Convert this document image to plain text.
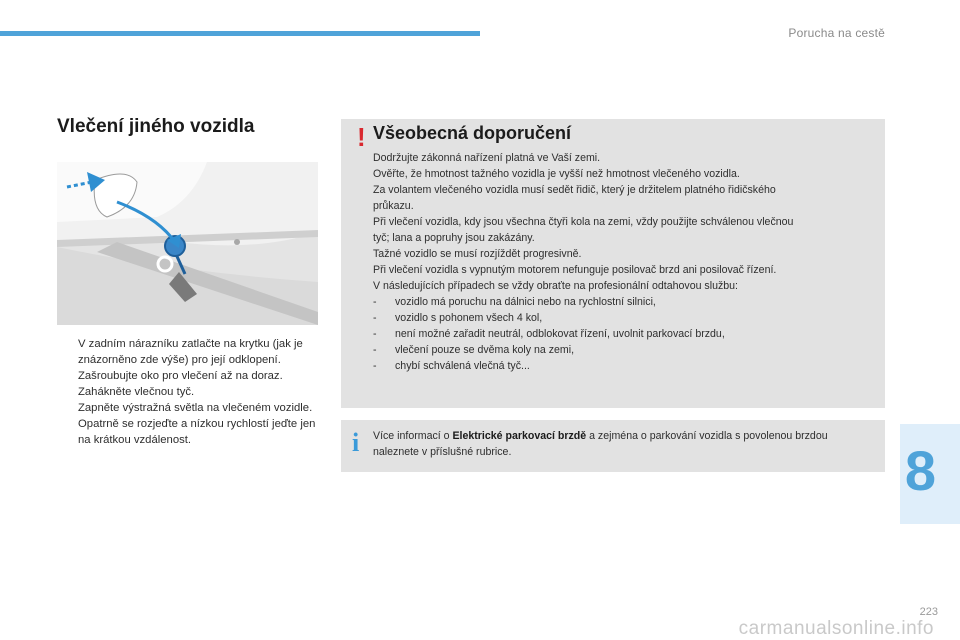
Porucha na cestě
Vlečení jiného vozidla
V zadním nárazníku zatlačte na krytku (jak je znázorněno zde výše) pro její odklopení.
Zašroubujte oko pro vlečení až na doraz.
Zahákněte vlečnou tyč.
Zapněte výstražná světla na vlečeném vozidle.
Opatrně se rozjeďte a nízkou rychlostí jeďte jen na krátkou vzdálenost.
! Všeobecná doporučení
Dodržujte zákonná nařízení platná ve Vaší zemi.
Ověřte, že hmotnost tažného vozidla je vyšší než hmotnost vlečeného vozidla.
Za volantem vlečeného vozidla musí sedět řidič, který je držitelem platného řidičského
průkazu.
Při vlečení vozidla, kdy jsou všechna čtyři kola na zemi, vždy použijte schválenou vlečnou
tyč; lana a popruhy jsou zakázány.
Tažné vozidlo se musí rozjíždět progresivně.
Při vlečení vozidla s vypnutým motorem nefunguje posilovač brzd ani posilovač řízení.
V následujících případech se vždy obraťte na profesionální odtahovou službu:
- vozidlo má poruchu na dálnici nebo na rychlostní silnici,
- vozidlo s pohonem všech 4 kol,
- není možné zařadit neutrál, odblokovat řízení, uvolnit parkovací brzdu,
- vlečení pouze se dvěma koly na zemi,
- chybí schválená vlečná tyč...
i Více informací o Elektrické parkovací brzdě a zejména o parkování vozidla s povolenou brzdou naleznete v příslušné rubrice.	8
carmanualsonline.info
223
